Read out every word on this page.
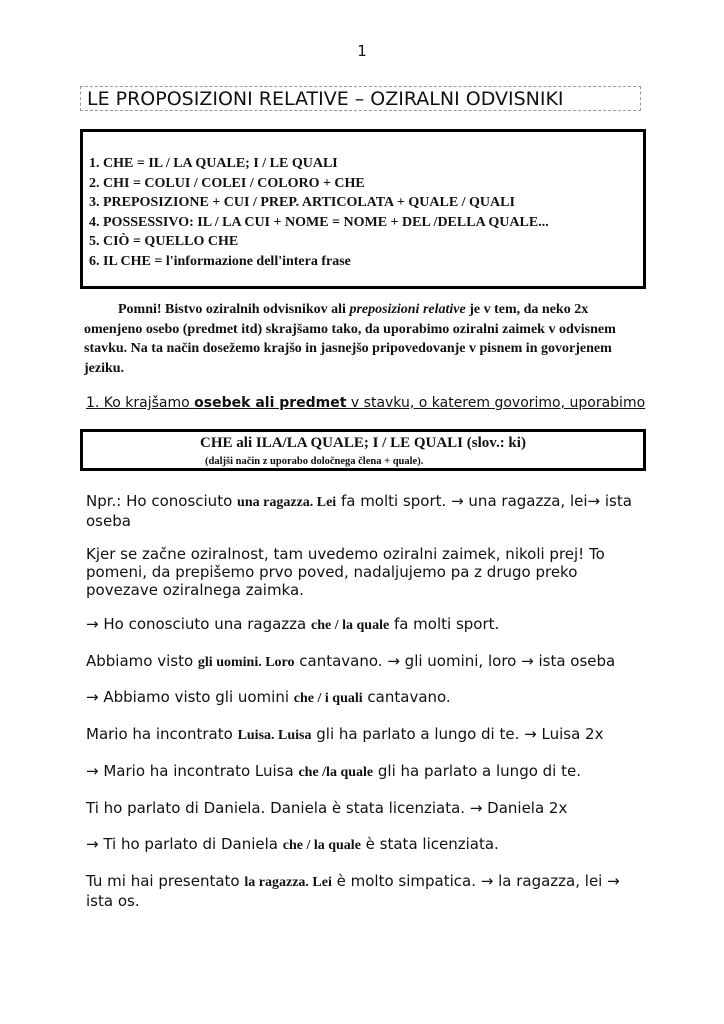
1
LE PROPOSIZIONI RELATIVE – OZIRALNI ODVISNIKI
1. CHE = IL / LA QUALE; I / LE QUALI
2. CHI = COLUI / COLEI / COLORO + CHE
3. PREPOSIZIONE + CUI / PREP. ARTICOLATA + QUALE / QUALI
4. POSSESSIVO: IL / LA CUI + NOME = NOME + DEL /DELLA QUALE...
5. CIÒ = QUELLO CHE
6. IL CHE = l'informazione dell'intera frase
Pomni! Bistvo oziralnih odvisnikov ali preposizioni relative je v tem, da neko 2x omenjeno osebo (predmet itd) skrajšamo tako, da uporabimo oziralni zaimek v odvisnem stavku. Na ta način dosežemo krajšo in jasnejšo pripovedovanje v pisnem in govorjenem jeziku.
1. Ko krajšamo osebek ali predmet v stavku, o katerem govorimo, uporabimo
CHE ali ILA/LA QUALE; I / LE QUALI (slov.: ki)
(daljši način z uporabo določnega člena + quale).
Npr.: Ho conosciuto una ragazza. Lei fa molti sport. → una ragazza, lei→ ista oseba
Kjer se začne oziralnost, tam uvedemo oziralni zaimek, nikoli prej! To pomeni, da prepišemo prvo poved, nadaljujemo pa z drugo preko povezave oziralnega zaimka.
→ Ho conosciuto una ragazza che / la quale fa molti sport.
Abbiamo visto gli uomini. Loro cantavano. → gli uomini, loro → ista oseba
→ Abbiamo visto gli uomini che / i quali cantavano.
Mario ha incontrato Luisa. Luisa gli ha parlato a lungo di te. → Luisa 2x
→ Mario ha incontrato Luisa che /la quale gli ha parlato a lungo di te.
Ti ho parlato di Daniela. Daniela è stata licenziata. → Daniela 2x
→ Ti ho parlato di Daniela che / la quale è stata licenziata.
Tu mi hai presentato la ragazza. Lei è molto simpatica. → la ragazza, lei → ista os.
